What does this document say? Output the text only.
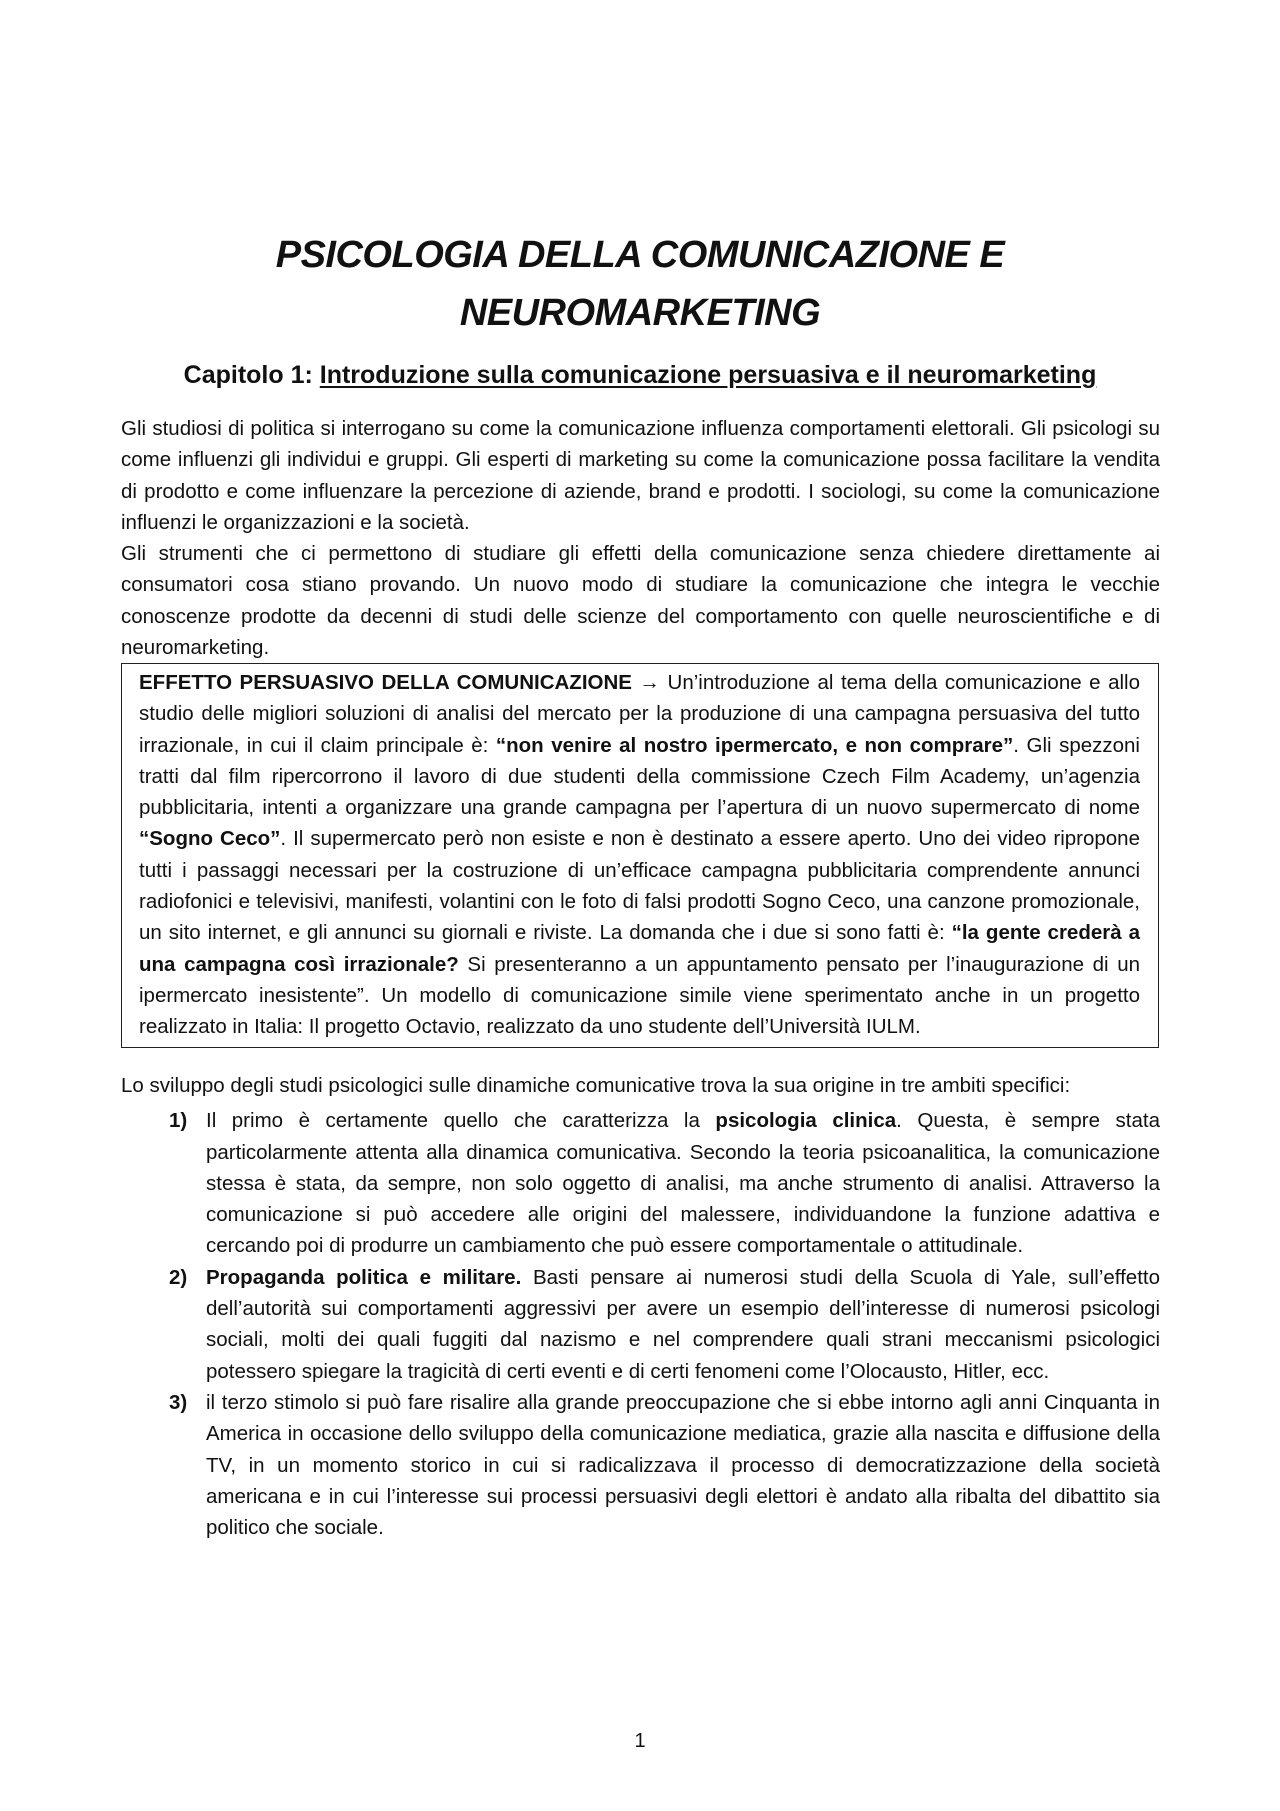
PSICOLOGIA DELLA COMUNICAZIONE E
NEUROMARKETING
Capitolo 1: Introduzione sulla comunicazione persuasiva e il neuromarketing

Gli studiosi di politica si interrogano su come la comunicazione influenza comportamenti elettorali. Gli psicologi su come influenzi gli individui e gruppi. Gli esperti di marketing su come la comunicazione possa facilitare la vendita di prodotto e come influenzare la percezione di aziende, brand e prodotti. I sociologi, su come la comunicazione influenzi le organizzazioni e la società.

Gli strumenti che ci permettono di studiare gli effetti della comunicazione senza chiedere direttamente ai consumatori cosa stiano provando. Un nuovo modo di studiare la comunicazione che integra le vecchie conoscenze prodotte da decenni di studi delle scienze del comportamento con quelle neuroscientifiche e di neuromarketing.

EFFETTO PERSUASIVO DELLA COMUNICAZIONE → Un’introduzione al tema della comunicazione e allo studio delle migliori soluzioni di analisi del mercato per la produzione di una campagna persuasiva del tutto irrazionale, in cui il claim principale è: “non venire al nostro ipermercato, e non comprare”. Gli spezzoni tratti dal film ripercorrono il lavoro di due studenti della commissione Czech Film Academy, un’agenzia pubblicitaria, intenti a organizzare una grande campagna per l’apertura di un nuovo supermercato di nome “Sogno Ceco”. Il supermercato però non esiste e non è destinato a essere aperto. Uno dei video ripropone tutti i passaggi necessari per la costruzione di un’efficace campagna pubblicitaria comprendente annunci radiofonici e televisivi, manifesti, volantini con le foto di falsi prodotti Sogno Ceco, una canzone promozionale, un sito internet, e gli annunci su giornali e riviste. La domanda che i due si sono fatti è: “la gente crederà a una campagna così irrazionale? Si presenteranno a un appuntamento pensato per l’inaugurazione di un ipermercato inesistente”. Un modello di comunicazione simile viene sperimentato anche in un progetto realizzato in Italia: Il progetto Octavio, realizzato da uno studente dell’Università IULM.

Lo sviluppo degli studi psicologici sulle dinamiche comunicative trova la sua origine in tre ambiti specifici:

1) Il primo è certamente quello che caratterizza la psicologia clinica. Questa, è sempre stata particolarmente attenta alla dinamica comunicativa. Secondo la teoria psicoanalitica, la comunicazione stessa è stata, da sempre, non solo oggetto di analisi, ma anche strumento di analisi. Attraverso la comunicazione si può accedere alle origini del malessere, individuandone la funzione adattiva e cercando poi di produrre un cambiamento che può essere comportamentale o attitudinale.
2) Propaganda politica e militare. Basti pensare ai numerosi studi della Scuola di Yale, sull’effetto dell’autorità sui comportamenti aggressivi per avere un esempio dell’interesse di numerosi psicologi sociali, molti dei quali fuggiti dal nazismo e nel comprendere quali strani meccanismi psicologici potessero spiegare la tragicità di certi eventi e di certi fenomeni come l’Olocausto, Hitler, ecc.
3) il terzo stimolo si può fare risalire alla grande preoccupazione che si ebbe intorno agli anni Cinquanta in America in occasione dello sviluppo della comunicazione mediatica, grazie alla nascita e diffusione della TV, in un momento storico in cui si radicalizzava il processo di democratizzazione della società americana e in cui l’interesse sui processi persuasivi degli elettori è andato alla ribalta del dibattito sia politico che sociale.
1
